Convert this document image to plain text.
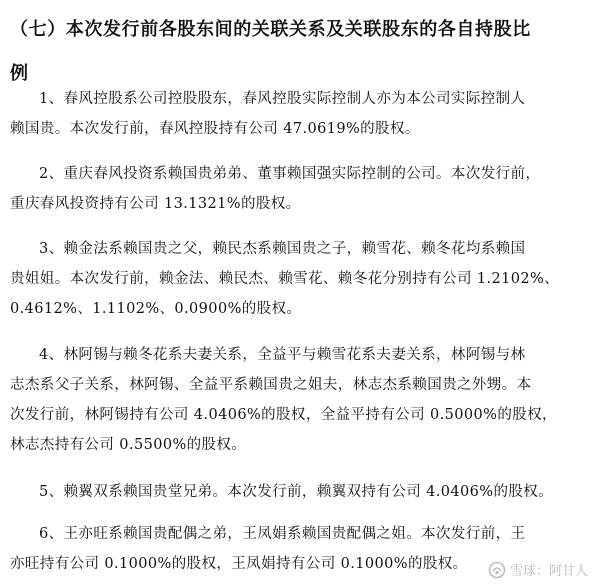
（七）本次发行前各股东间的关联关系及关联股东的各自持股比
例

1、春风控股系公司控股股东，春风控股实际控制人亦为本公司实际控制人
赖国贵。本次发行前，春风控股持有公司 47.0619%的股权。

2、重庆春风投资系赖国贵弟弟、董事赖国强实际控制的公司。本次发行前，
重庆春风投资持有公司 13.1321%的股权。

3、赖金法系赖国贵之父，赖民杰系赖国贵之子，赖雪花、赖冬花均系赖国
贵姐姐。本次发行前，赖金法、赖民杰、赖雪花、赖冬花分别持有公司 1.2102%、
0.4612%、1.1102%、0.0900%的股权。

4、林阿锡与赖冬花系夫妻关系，全益平与赖雪花系夫妻关系，林阿锡与林
志杰系父子关系，林阿锡、全益平系赖国贵之姐夫，林志杰系赖国贵之外甥。本
次发行前，林阿锡持有公司 4.0406%的股权，全益平持有公司 0.5000%的股权，
林志杰持有公司 0.5500%的股权。

5、赖翼双系赖国贵堂兄弟。本次发行前，赖翼双持有公司 4.0406%的股权。

6、王亦旺系赖国贵配偶之弟，王凤娟系赖国贵配偶之姐。本次发行前，王
亦旺持有公司 0.1000%的股权，王凤娟持有公司 0.1000%的股权。	雪球：阿甘人
